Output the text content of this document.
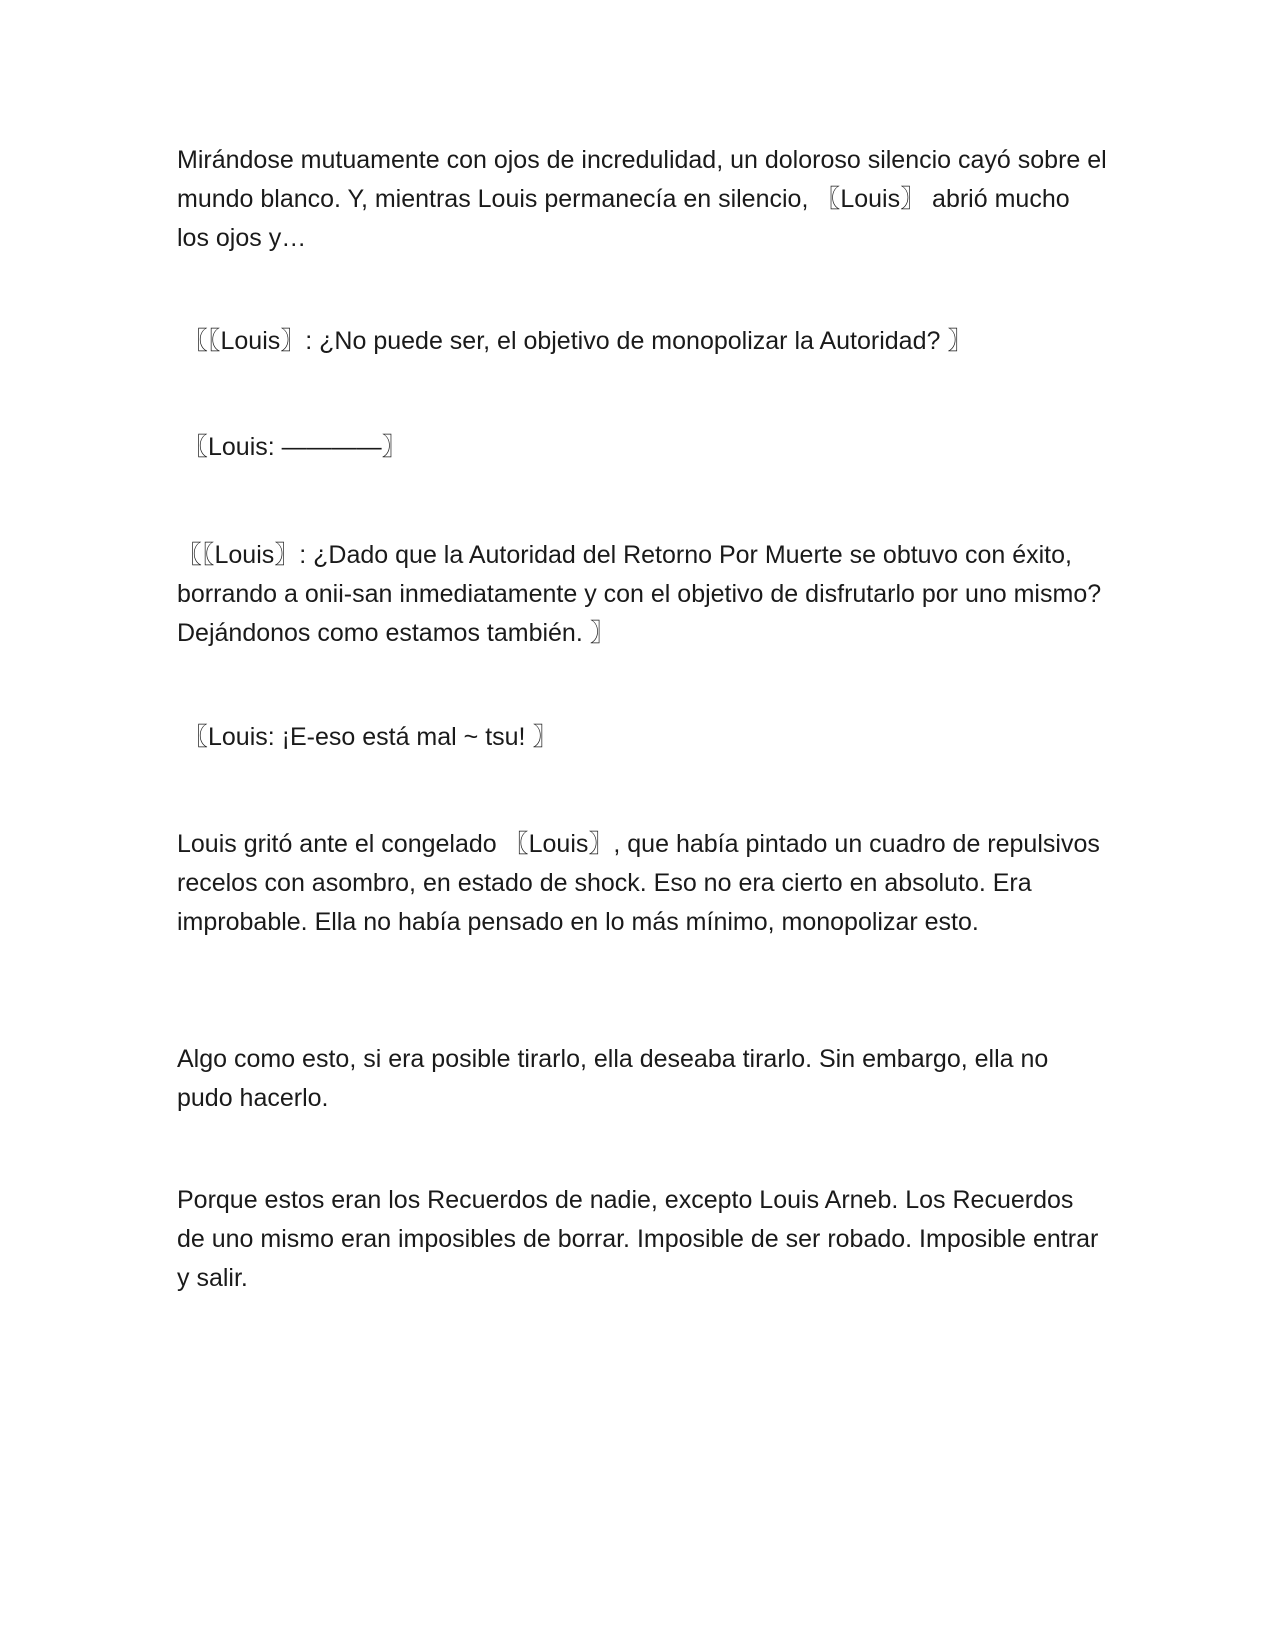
Mirándose mutuamente con ojos de incredulidad, un doloroso silencio cayó sobre el mundo blanco. Y, mientras Louis permanecía en silencio, 〖Louis〗 abrió mucho los ojos y…

〖〖Louis〗: ¿No puede ser, el objetivo de monopolizar la Autoridad? 〗

〖Louis: ————〗

〖〖Louis〗: ¿Dado que la Autoridad del Retorno Por Muerte se obtuvo con éxito, borrando a onii-san inmediatamente y con el objetivo de disfrutarlo por uno mismo? Dejándonos como estamos también. 〗

〖Louis: ¡E-eso está mal ~ tsu! 〗

Louis gritó ante el congelado 〖Louis〗, que había pintado un cuadro de repulsivos recelos con asombro, en estado de shock. Eso no era cierto en absoluto. Era improbable. Ella no había pensado en lo más mínimo, monopolizar esto.

Algo como esto, si era posible tirarlo, ella deseaba tirarlo. Sin embargo, ella no pudo hacerlo.

Porque estos eran los Recuerdos de nadie, excepto Louis Arneb. Los Recuerdos de uno mismo eran imposibles de borrar. Imposible de ser robado. Imposible entrar y salir.
